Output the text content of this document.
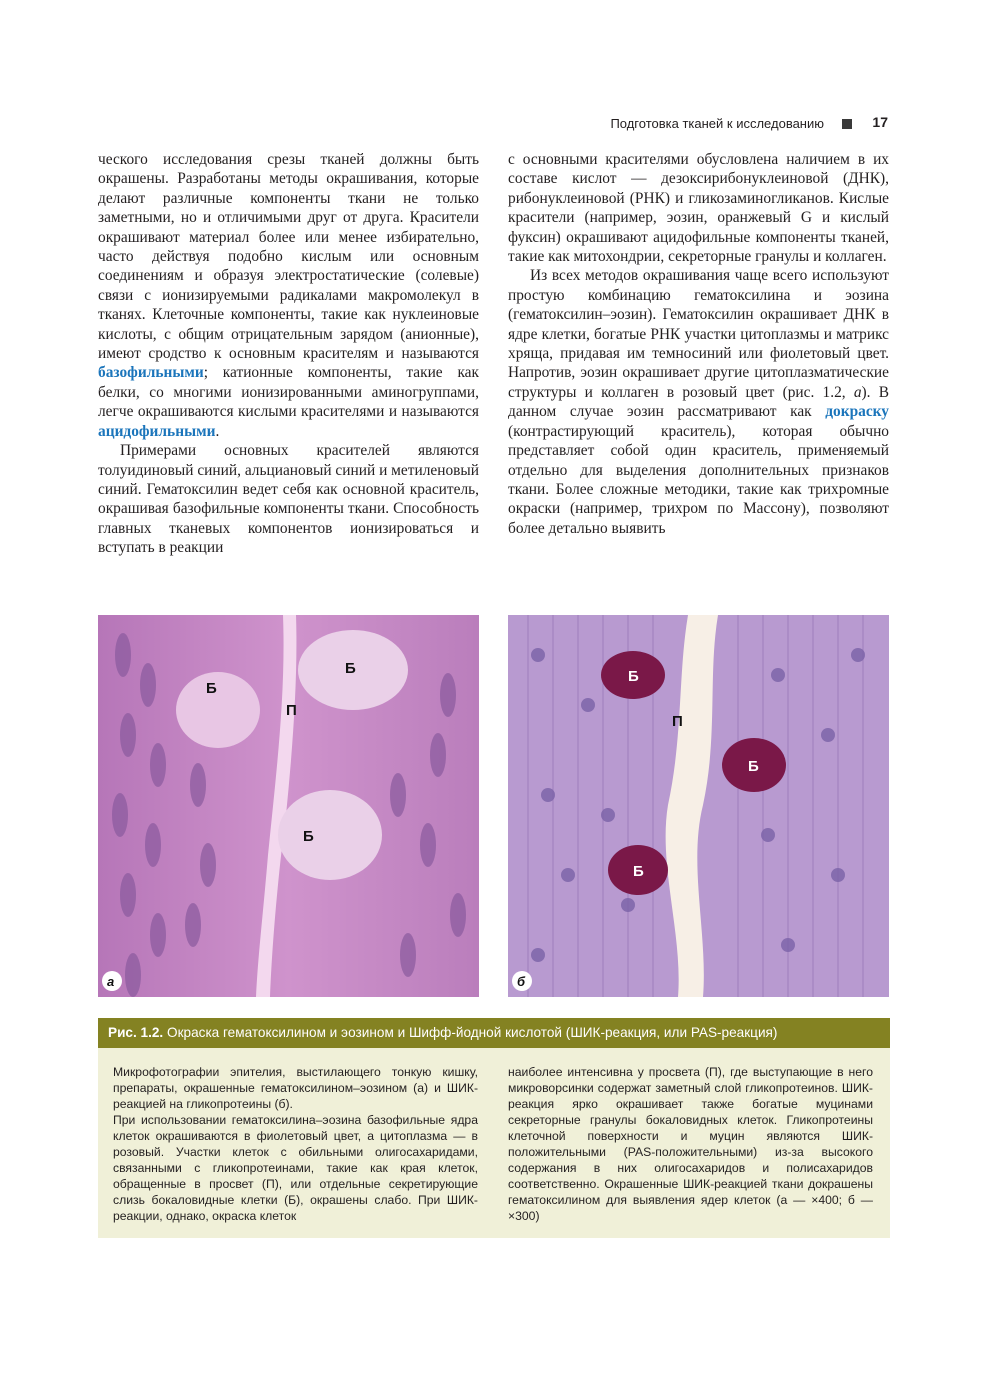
Подготовка тканей к исследованию	17

ческого исследования срезы тканей должны быть окрашены. Разработаны методы окрашивания, которые делают различные компоненты ткани не только заметными, но и отличимыми друг от друга. Красители окрашивают материал более или менее избирательно, часто действуя подобно кислым или основным соединениям и образуя электростатические (солевые) связи с ионизируемыми радикалами макромолекул в тканях. Клеточные компоненты, такие как нуклеиновые кислоты, с общим отрицательным зарядом (анионные), имеют сродство к основным красителям и называются базофильными; катионные компоненты, такие как белки, со многими ионизированными аминогруппами, легче окрашиваются кислыми красителями и называются ацидофильными.

Примерами основных красителей являются толуидиновый синий, альциановый синий и метиленовый синий. Гематоксилин ведет себя как основной краситель, окрашивая базофильные компоненты ткани. Способность главных тканевых компонентов ионизироваться и вступать в реакции

с основными красителями обусловлена наличием в их составе кислот — дезоксирибонуклеиновой (ДНК), рибонуклеиновой (РНК) и гликозаминогликанов. Кислые красители (например, эозин, оранжевый G и кислый фуксин) окрашивают ацидофильные компоненты тканей, такие как митохондрии, секреторные гранулы и коллаген.

Из всех методов окрашивания чаще всего используют простую комбинацию гематоксилина и эозина (гематоксилин–эозин). Гематоксилин окрашивает ДНК в ядре клетки, богатые РНК участки цитоплазмы и матрикс хряща, придавая им темносиний или фиолетовый цвет. Напротив, эозин окрашивает другие цитоплазматические структуры и коллаген в розовый цвет (рис. 1.2, а). В данном случае эозин рассматривают как докраску (контрастирующий краситель), которая обычно представляет собой один краситель, применяемый отдельно для выделения дополнительных признаков ткани. Более сложные методики, такие как трихромные окраски (например, трихром по Массону), позволяют более детально выявить

Б
Б
П
Б
а
Б
Б
Б
П
б
Рис. 1.2. Окраска гематоксилином и эозином и Шифф-йодной кислотой (ШИК-реакция, или PAS-реакция)

Микрофотографии эпителия, выстилающего тонкую кишку, препараты, окрашенные гематоксилином–эозином (а) и ШИК-реакцией на гликопротеины (б).

При использовании гематоксилина–эозина базофильные ядра клеток окрашиваются в фиолетовый цвет, а цитоплазма — в розовый. Участки клеток с обильными олигосахаридами, связанными с гликопротеинами, такие как края клеток, обращенные в просвет (П), или отдельные секретирующие слизь бокаловидные клетки (Б), окрашены слабо. При ШИК-реакции, однако, окраска клеток

наиболее интенсивна у просвета (П), где выступающие в него микроворсинки содержат заметный слой гликопротеинов. ШИК-реакция ярко окрашивает также богатые муцинами секреторные гранулы бокаловидных клеток. Гликопротеины клеточной поверхности и муцин являются ШИК-положительными (PAS-положительными) из-за высокого содержания в них олигосахаридов и полисахаридов соответственно. Окрашенные ШИК-реакцией ткани докрашены гематоксилином для выявления ядер клеток (а — ×400; б — ×300)
